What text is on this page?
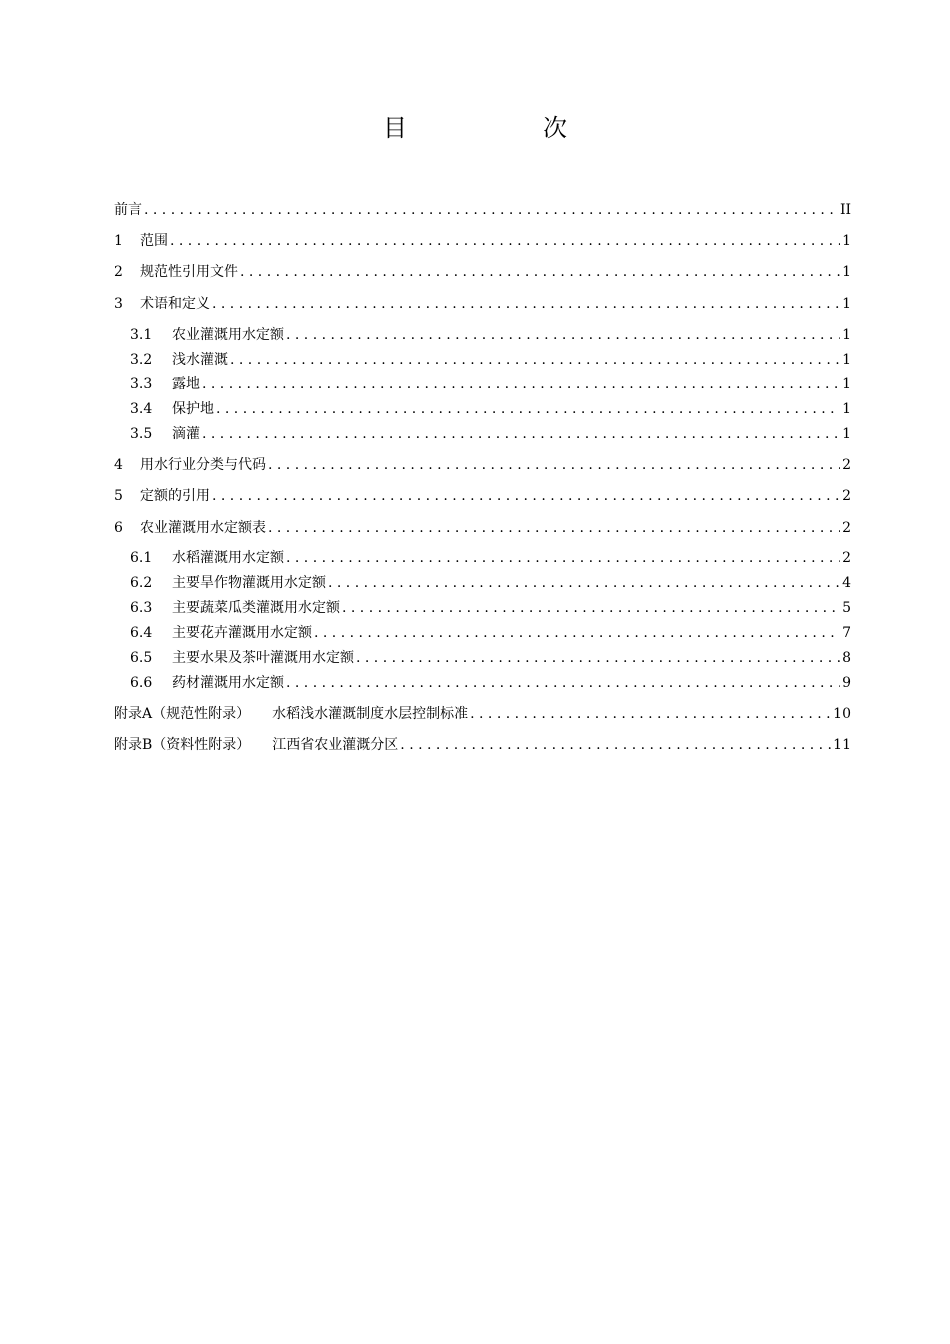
目　次
前言 . . .	II
1	范围 . . .	1
2	规范性引用文件 . . .	1
3	术语和定义 . . .	1
3.1	农业灌溉用水定额 . . .	1
3.2	浅水灌溉 . . .	1
3.3	露地 . . .	1
3.4	保护地 . . .	1
3.5	滴灌 . . .	1
4	用水行业分类与代码 . . .	2
5	定额的引用 . . .	2
6	农业灌溉用水定额表 . . .	2
6.1	水稻灌溉用水定额 . . .	2
6.2	主要旱作物灌溉用水定额 . . .	4
6.3	主要蔬菜瓜类灌溉用水定额 . . .	5
6.4	主要花卉灌溉用水定额 . . .	7
6.5	主要水果及茶叶灌溉用水定额 . . .	8
6.6	药材灌溉用水定额 . . .	9
附录A（规范性附录） 水稻浅水灌溉制度水层控制标准 . . .	10
附录B（资料性附录） 江西省农业灌溉分区 . . .	11
